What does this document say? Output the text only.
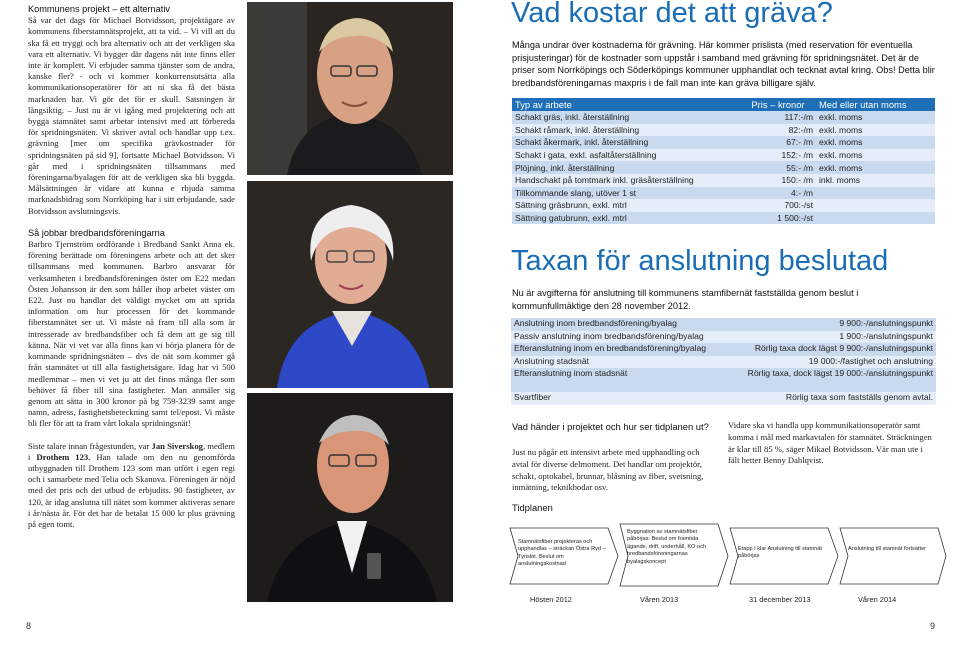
Kommunens projekt – ett alternativ

Så var det dags för Michael Botvidsson, projektägare av kommunens fiberstamnätsprojekt, att ta vid. – Vi vill att du ska få ett tryggt och bra alternativ och att det verkligen ska vara ett alternativ. Vi bygger där dagens nät inte finns eller inte är komplett. Vi erbjuder samma tjänster som de andra, kanske fler? - och vi kommer konkurrensutsätta alla kommunikationsoperatörer för att ni ska få det bästa marknaden har. Vi gör det för er skull. Satsningen är långsiktig. – Just nu är vi igång med projektering och att bygga stamnätet samt arbetar intensivt med att förbereda för spridningsnäten. Vi skriver avtal och handlar upp t.ex. grävning [mer om specifika grävkostnader för spridningsnäten på sid 9], fortsatte Michael Botvidsson. Vi går med i spridningsnäten tillsammans med föreningarna/byalagen för att de verkligen ska bli byggda. Målsättningen är vidare att kunna e rbjuda samma marknadsbidrag som Norrköping har i sitt erbjudande, sade Botvidsson avslutningsvis.

Så jobbar bredbandsföreningarna

Barbro Tjernström ordförande i Bredband Sankt Anna ek. förening berättade om föreningens arbete och att det sker tillsammans med kommunen. Barbro ansvarar för verksamheten i bredbandsföreningen öster om E22 medan Östen Johansson är den som håller ihop arbetet väster om E22. Just nu handlar det väldigt mycket om att sprida information om hur processen för det kommande fiberstamnätet ser ut. Vi måste nå fram till alla som är intresserade av bredbandsfiber och få dem att ge sig till känna. När vi vet var alla finns kan vi börja planera för de kommande spridningsnäten – dvs de nät som kommer gå från stamnätet ut till alla fastighetsägare. Idag har vi 500 medlemmar – men vi vet ju att det finns många fler som behöver få fiber till sina fastigheter. Man anmäler sig genom att sätta in 300 kronor på bg 759-3239 samt ange namn, adress, fastighetsbeteckning samt tel/epost. Vi måste bli fler för att ta fram vårt lokala spridningsnät!

Siste talare innan frågestunden, var Jan Siverskog, medlem i Drothem 123. Han talade om den nu genomförda utbyggnaden till Drothem 123 som man utfört i egen regi och i samarbete med Telia och Skanova. Föreningen är nöjd med det pris och det utbud de erbjudits. 90 fastigheter, av 120, är idag anslutna till nätet som kommer aktiveras senare i år/nästa år. För det har de betalat 15 000 kr plus grävning på egen tomt.

8
Vad kostar det att gräva?

Många undrar över kostnaderna för grävning. Här kommer prislista (med reservation för eventuella prisjusteringar) för de kostnader som uppstår i samband med grävning för spridningsnätet. Det är de priser som Norrköpings och Söderköpings kommuner upphandlat och tecknat avtal kring. Obs! Detta blir bredbandsföreningarnas maxpris i de fall man inte kan gräva billigare själv.

Typ av arbete	Pris – kronor	Med eller utan moms
Schakt gräs, inkl. återställning	117:-/m	exkl. moms
Schakt råmark, inkl. återställning	82:-/m	exkl. moms
Schakt åkermark, inkl. återställning	67:- /m	exkl. moms
Schakt i gata, exkl. asfaltåterställning	152:- /m	exkl. moms
Plöjning, inkl. återställning	55:- /m	exkl. moms
Handschakt på tomtmark inkl. gräsåterställning	150:- /m	inkl. moms
Tillkommande slang, utöver 1 st	4:- /m	
Sättning gräsbrunn, exkl. mtrl	700:-/st	
Sättning gatubrunn, exkl. mtrl	1 500:-/st	
Taxan för anslutning beslutad

Nu är avgifterna för anslutning till kommunens stamfibernät fastställda genom beslut i kommunfullmäktige den 28 november 2012.

Anslutning inom bredbandsförening/byalag	9 900:-/anslutningspunkt
Passiv anslutning inom bredbandsförening/byalag	1 900:-/anslutningspunkt
Efteranslutning inom en bredbandsförening/byalag	Rörlig taxa dock lägst 9 900:-/anslutningspunkt
Anslutning stadsnät	19 000:-/fastighet och anslutning
Efteranslutning inom stadsnät	Rörlig taxa, dock lägst 19 000:-/anslutningspunkt
Svartfiber	Rörlig taxa som fastställs genom avtal.

Vad händer i projektet och hur ser tidplanen ut?

Just nu pågår ett intensivt arbete med upphandling och avtal för diverse delmoment. Det handlar om projektör, schakt, optokabel, brunnar, blåsning av fiber, svetsning, inmätning, teknikbodar osv.

Vidare ska vi handla upp kommunikationsoperatör samt komma i mål med markavtalen för stamnätet. Sträckningen är klar till 85 %, säger Mikael Botvidsson. Vär man ute i fält hetter Benny Dahlqvist.

Tidplanen

Stamnätsfiber projekteras och upphandlas – sträckan Östra Ryd – Tyrislöt. Beslut om anslutningskostnad
Byggnation av stamnätsfiber påbörjas. Beslut om framtida ägande, drift, underhåll, KO och bredbandsföreningarnas byalagskoncept
Etapp I klar Anslutning till stamnät påbörjas
Anslutning till stamnät fortsätter
Hösten 2012	Våren 2013	31 december 2013	Våren 2014
9
